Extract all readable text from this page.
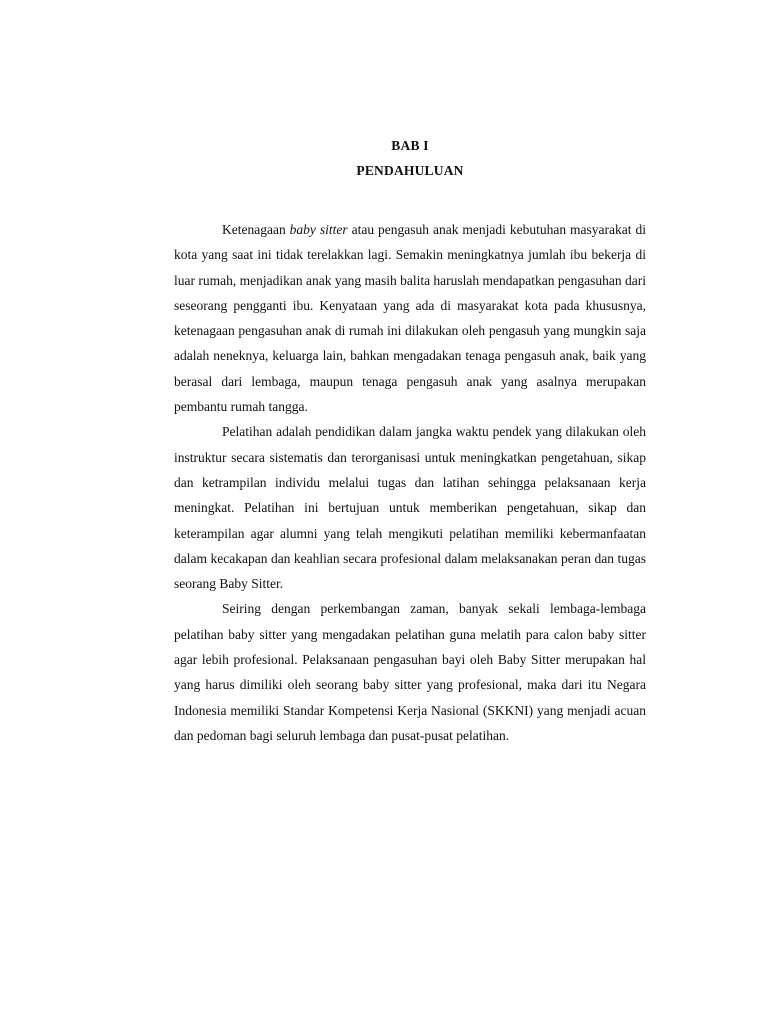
BAB I
PENDAHULUAN

Ketenagaan baby sitter atau pengasuh anak menjadi kebutuhan masyarakat di kota yang saat ini tidak terelakkan lagi. Semakin meningkatnya jumlah ibu bekerja di luar rumah, menjadikan anak yang masih balita haruslah mendapatkan pengasuhan dari seseorang pengganti ibu. Kenyataan yang ada di masyarakat kota pada khususnya, ketenagaan pengasuhan anak di rumah ini dilakukan oleh pengasuh yang mungkin saja adalah neneknya, keluarga lain, bahkan mengadakan tenaga pengasuh anak, baik yang berasal dari lembaga, maupun tenaga pengasuh anak yang asalnya merupakan pembantu rumah tangga.

Pelatihan adalah pendidikan dalam jangka waktu pendek yang dilakukan oleh instruktur secara sistematis dan terorganisasi untuk meningkatkan pengetahuan, sikap dan ketrampilan individu melalui tugas dan latihan sehingga pelaksanaan kerja meningkat. Pelatihan ini bertujuan untuk memberikan pengetahuan, sikap dan keterampilan agar alumni yang telah mengikuti pelatihan memiliki kebermanfaatan dalam kecakapan dan keahlian secara profesional dalam melaksanakan peran dan tugas seorang Baby Sitter.

Seiring dengan perkembangan zaman, banyak sekali lembaga-lembaga pelatihan baby sitter yang mengadakan pelatihan guna melatih para calon baby sitter agar lebih profesional. Pelaksanaan pengasuhan bayi oleh Baby Sitter merupakan hal yang harus dimiliki oleh seorang baby sitter yang profesional, maka dari itu Negara Indonesia memiliki Standar Kompetensi Kerja Nasional (SKKNI) yang menjadi acuan dan pedoman bagi seluruh lembaga dan pusat-pusat pelatihan.
